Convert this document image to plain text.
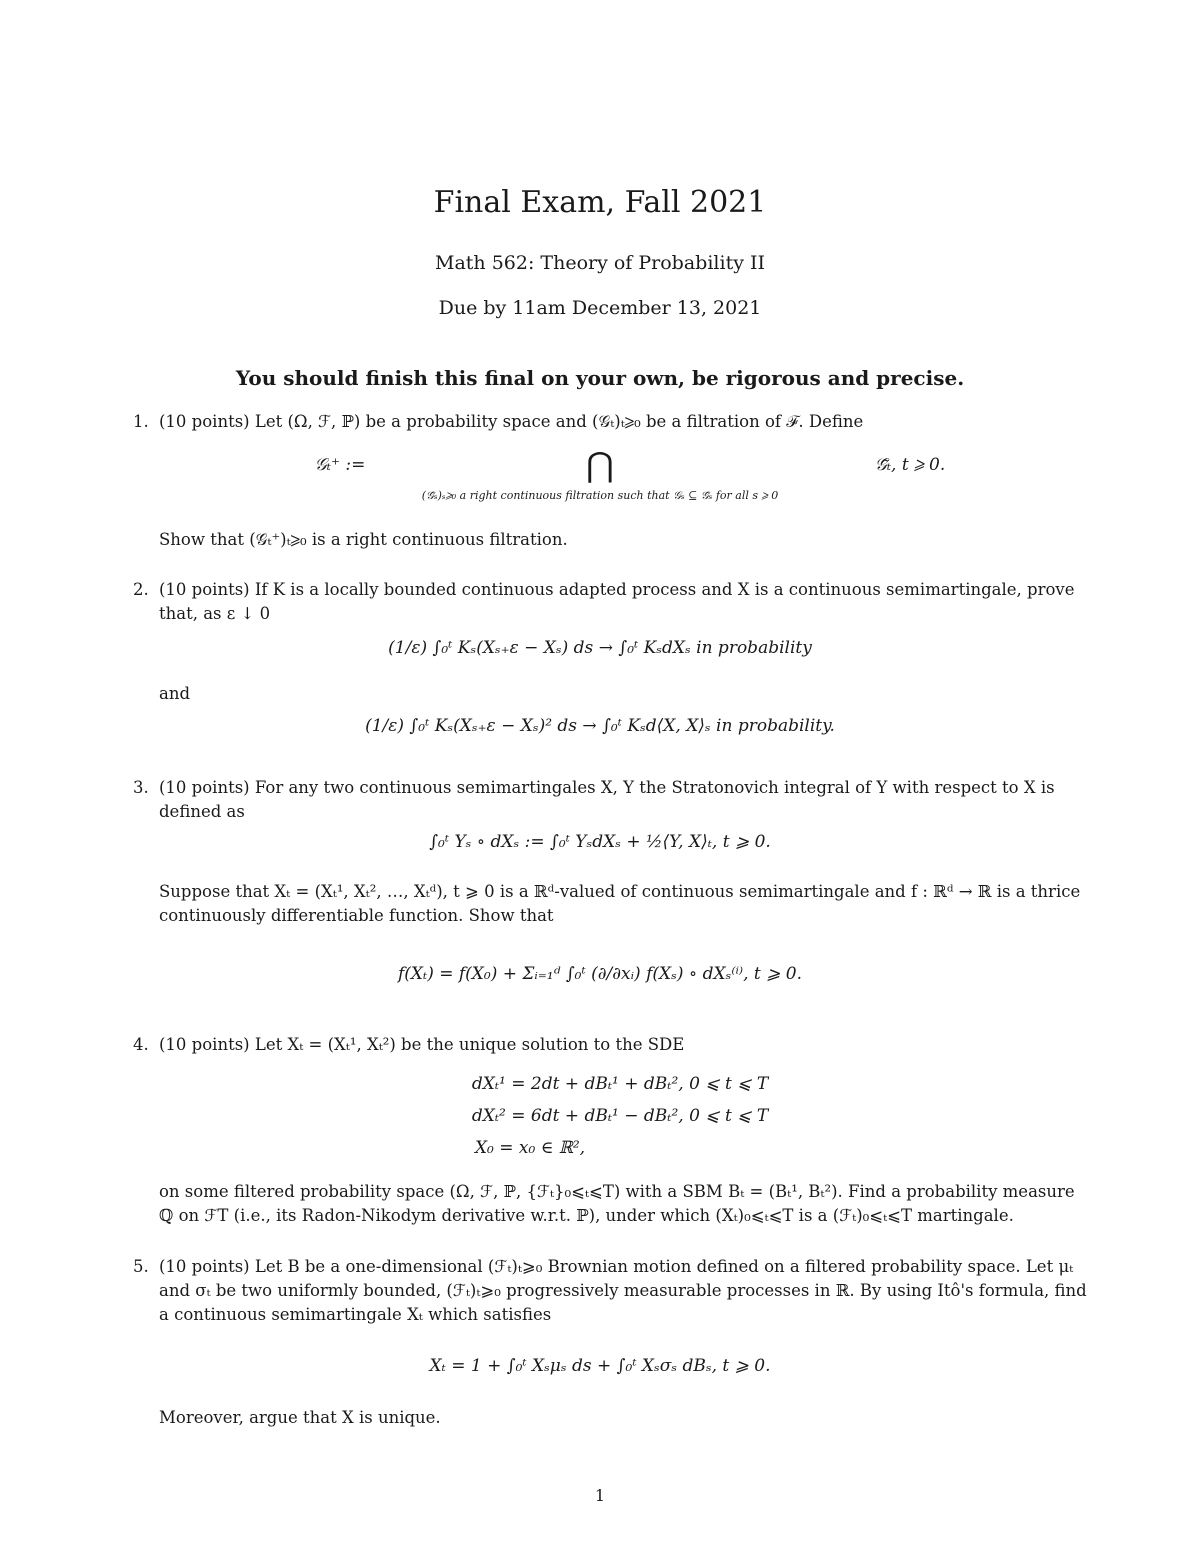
Final Exam, Fall 2021
Math 562: Theory of Probability II
Due by 11am December 13, 2021
You should finish this final on your own, be rigorous and precise.
1. (10 points) Let (Ω, ℱ, ℙ) be a probability space and (𝒢ₜ)ₜ⩾₀ be a filtration of ℱ. Define
𝒢ₜ⁺ :=	⋂	𝒢̃ₜ, t ⩾ 0.
(𝒢̃ₛ)ₛ⩾₀ a right continuous filtration such that 𝒢ₛ ⊆ 𝒢̃ₛ for all s ⩾ 0
Show that (𝒢ₜ⁺)ₜ⩾₀ is a right continuous filtration.
2. (10 points) If K is a locally bounded continuous adapted process and X is a continuous semimartingale, prove that, as ε ↓ 0
(1/ε) ∫₀ᵗ Kₛ(Xₛ₊ε − Xₛ) ds → ∫₀ᵗ KₛdXₛ in probability
and
(1/ε) ∫₀ᵗ Kₛ(Xₛ₊ε − Xₛ)² ds → ∫₀ᵗ Kₛd⟨X, X⟩ₛ in probability.
3. (10 points) For any two continuous semimartingales X, Y the Stratonovich integral of Y with respect to X is defined as
∫₀ᵗ Yₛ ∘ dXₛ := ∫₀ᵗ YₛdXₛ + ½⟨Y, X⟩ₜ, t ⩾ 0.
Suppose that Xₜ = (Xₜ¹, Xₜ², …, Xₜᵈ), t ⩾ 0 is a ℝᵈ-valued of continuous semimartingale and f : ℝᵈ → ℝ is a thrice continuously differentiable function. Show that
f(Xₜ) = f(X₀) + Σᵢ₌₁ᵈ ∫₀ᵗ (∂/∂xᵢ) f(Xₛ) ∘ dXₛ⁽ⁱ⁾, t ⩾ 0.
4. (10 points) Let Xₜ = (Xₜ¹, Xₜ²) be the unique solution to the SDE
dXₜ¹ = 2dt + dBₜ¹ + dBₜ², 0 ⩽ t ⩽ T
dXₜ² = 6dt + dBₜ¹ − dBₜ², 0 ⩽ t ⩽ T
X₀ = x₀ ∈ ℝ²,
on some filtered probability space (Ω, ℱ, ℙ, {ℱₜ}₀⩽ₜ⩽T) with a SBM Bₜ = (Bₜ¹, Bₜ²). Find a probability measure ℚ on ℱT (i.e., its Radon-Nikodym derivative w.r.t. ℙ), under which (Xₜ)₀⩽ₜ⩽T is a (ℱₜ)₀⩽ₜ⩽T martingale.
5. (10 points) Let B be a one-dimensional (ℱₜ)ₜ⩾₀ Brownian motion defined on a filtered probability space. Let μₜ and σₜ be two uniformly bounded, (ℱₜ)ₜ⩾₀ progressively measurable processes in ℝ. By using Itô's formula, find a continuous semimartingale Xₜ which satisfies
Xₜ = 1 + ∫₀ᵗ Xₛμₛ ds + ∫₀ᵗ Xₛσₛ dBₛ, t ⩾ 0.
Moreover, argue that X is unique.
1
